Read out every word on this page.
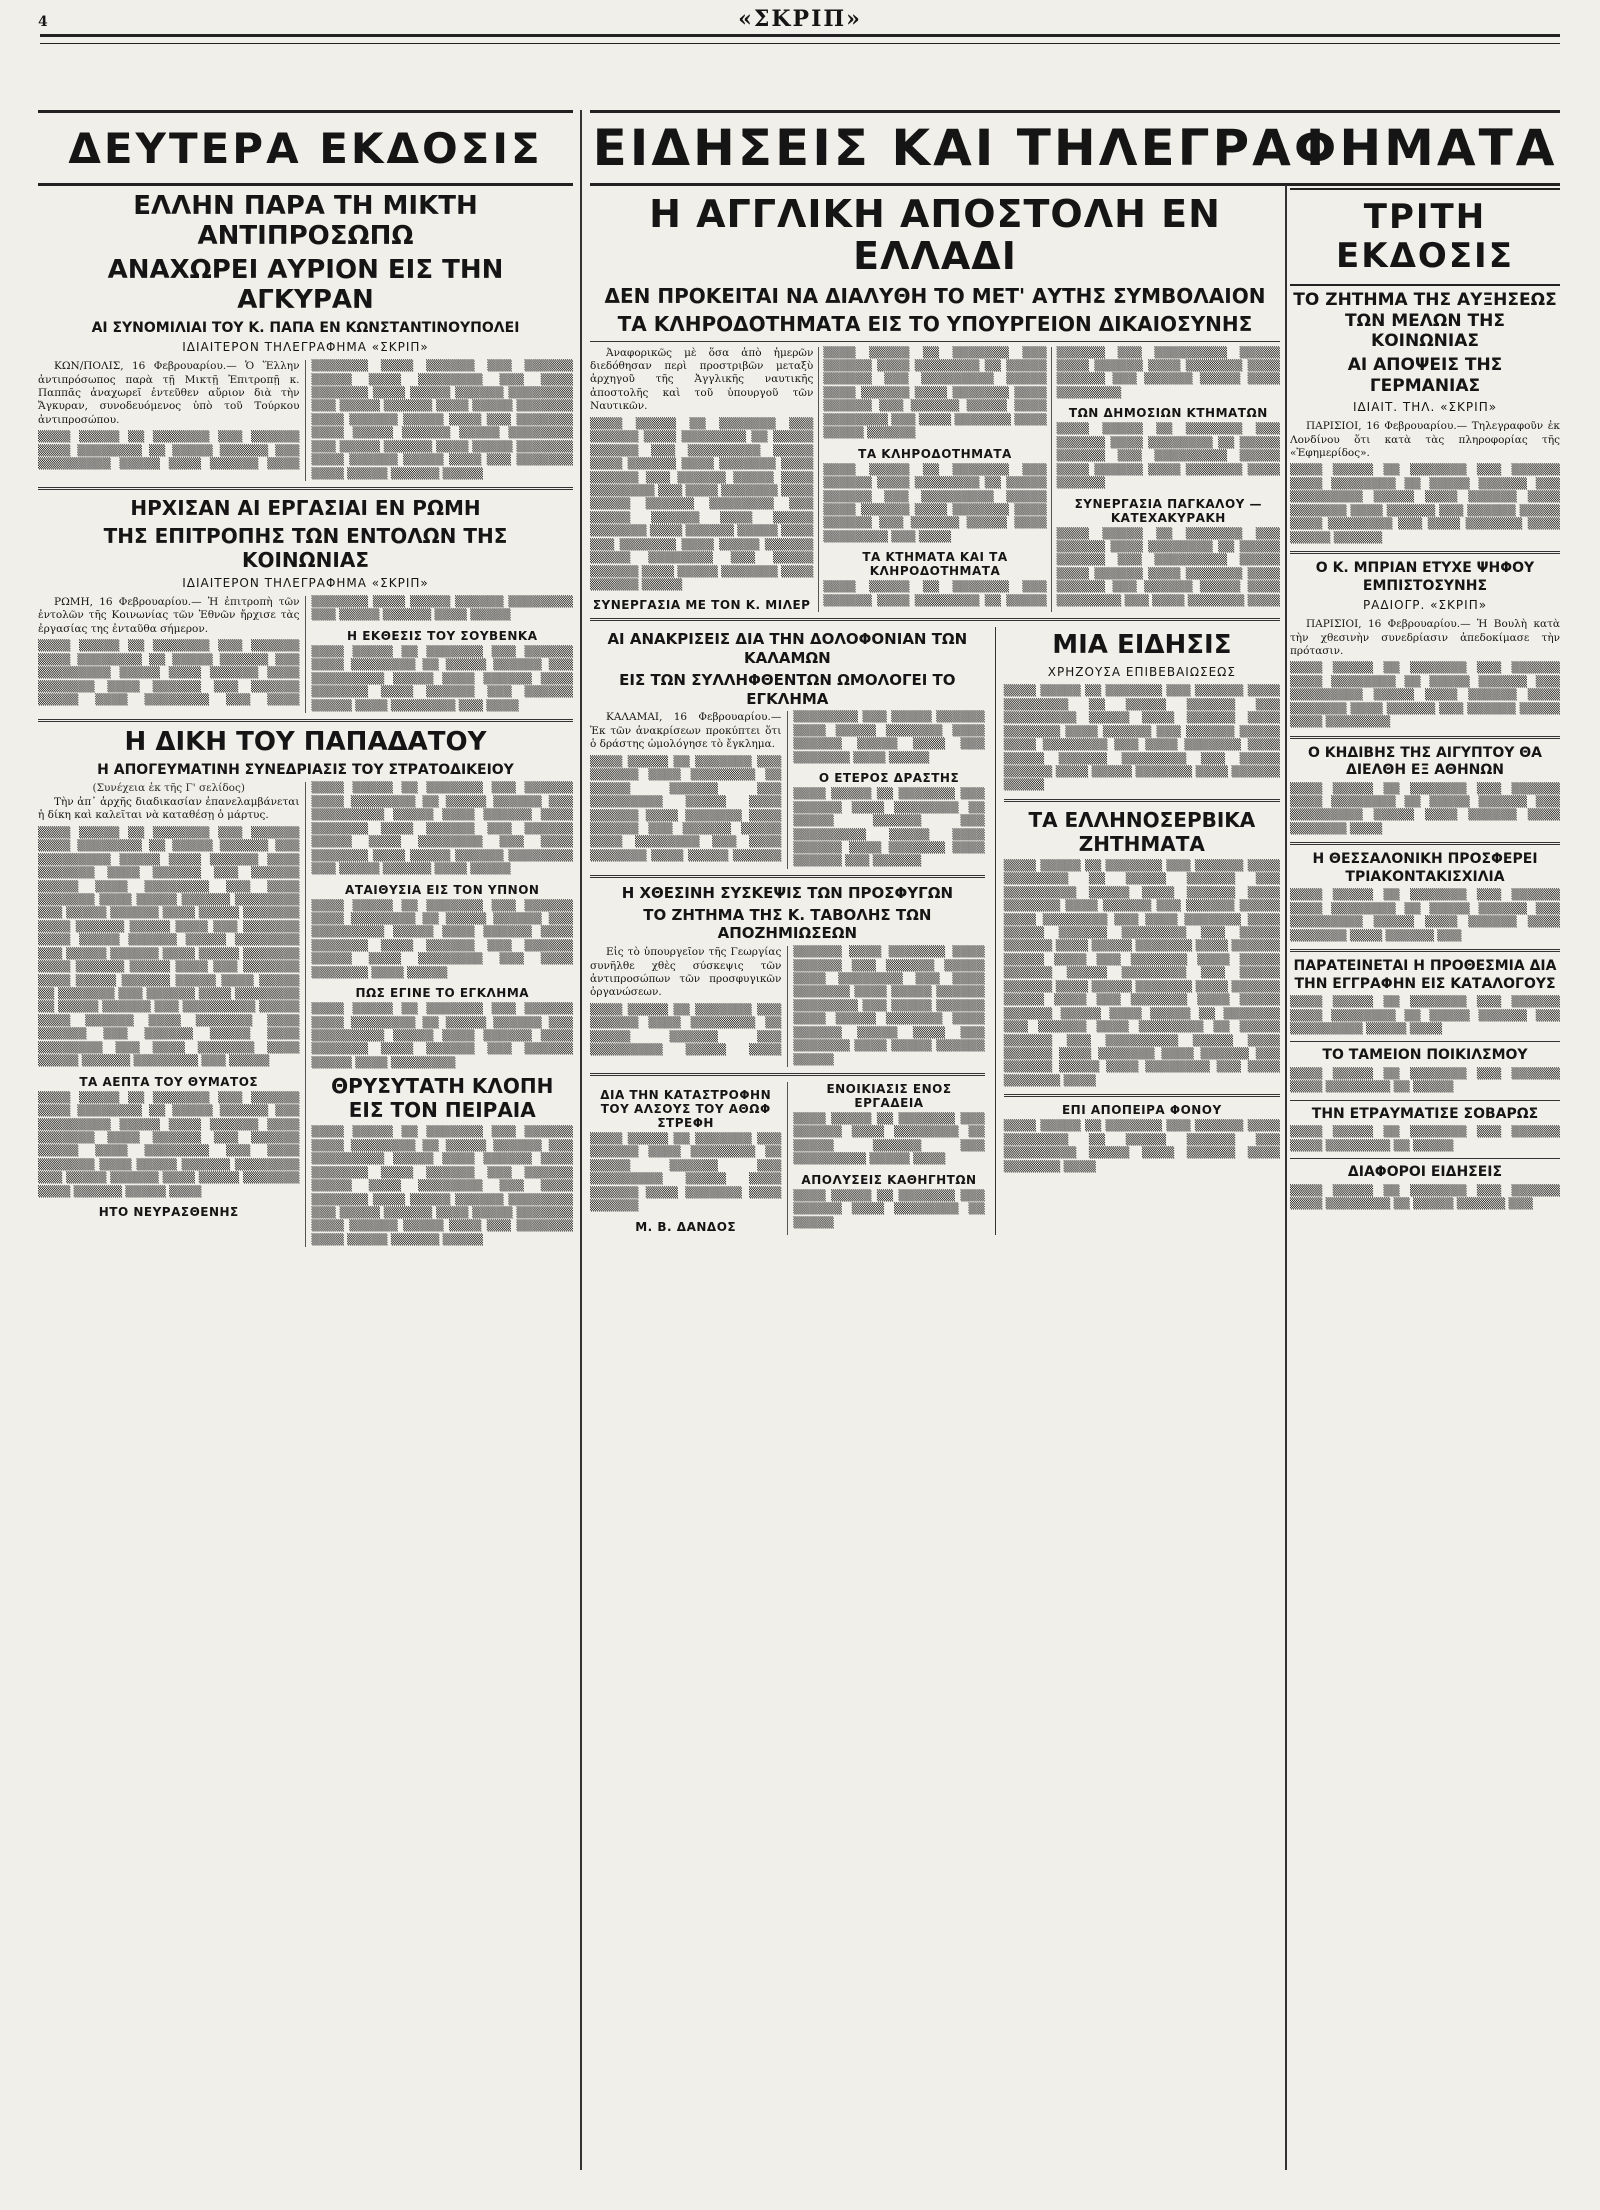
4	«ΣΚΡΙΠ»
ΔΕΥΤΕΡΑ ΕΚΔΟΣΙΣ ΕΙΔΗΣΕΙΣ ΚΑΙ ΤΗΛΕΓΡΑΦΗΜΑΤΑ
ΕΛΛΗΝ ΠΑΡΑ ΤΗ ΜΙΚΤΗ ΑΝΤΙΠΡΟΣΩΠΩ
ΑΝΑΧΩΡΕΙ ΑΥΡΙΟΝ ΕΙΣ ΤΗΝ ΑΓΚΥΡΑΝ
ΑΙ ΣΥΝΟΜΙΛΙΑΙ ΤΟΥ Κ. ΠΑΠΑ ΕΝ ΚΩΝΣΤΑΝΤΙΝΟΥΠΟΛΕΙ
ΙΔΙΑΙΤΕΡΟΝ ΤΗΛΕΓΡΑΦΗΜΑ «ΣΚΡΙΠ»

ΚΩΝ/ΠΟΛΙΣ, 16 Φεβρουαρίου.— Ὁ Ἕλλην ἀντιπρόσωπος παρὰ τῇ Μικτῇ Ἐπιτροπῇ κ. Παππᾶς ἀναχωρεῖ ἐντεῦθεν αὔριον διὰ τὴν Ἄγκυραν, συνοδευόμενος ὑπὸ τοῦ Τούρκου ἀντιπροσώπου.

▒▒▒▒ ▒▒▒▒▒ ▒▒ ▒▒▒▒▒▒▒ ▒▒▒ ▒▒▒▒▒▒ ▒▒▒▒ ▒▒▒▒▒▒▒▒ ▒▒ ▒▒▒▒▒ ▒▒▒▒▒▒ ▒▒▒ ▒▒▒▒▒▒▒▒▒ ▒▒▒▒▒ ▒▒▒▒ ▒▒▒▒▒▒ ▒▒▒▒ ▒▒▒▒▒▒▒ ▒▒▒▒ ▒▒▒▒▒▒ ▒▒▒ ▒▒▒▒▒▒ ▒▒▒▒▒ ▒▒▒▒ ▒▒▒▒▒▒▒▒ ▒▒▒ ▒▒▒▒ ▒▒▒▒▒▒▒ ▒▒▒▒ ▒▒▒▒▒ ▒▒▒▒▒▒ ▒▒▒▒▒▒▒▒ ▒▒▒ ▒▒▒▒▒ ▒▒▒▒▒▒ ▒▒▒▒ ▒▒▒▒▒ ▒▒▒▒▒▒▒ ▒▒▒▒ ▒▒▒▒▒▒ ▒▒▒▒▒ ▒▒▒▒ ▒▒▒ ▒▒▒▒▒▒▒ ▒▒▒▒ ▒▒▒▒▒ ▒▒▒▒▒▒ ▒▒▒▒▒ ▒▒▒▒▒▒▒▒ ▒▒▒ ▒▒▒▒▒ ▒▒▒▒▒▒ ▒▒▒▒ ▒▒▒▒▒ ▒▒▒▒▒▒▒ ▒▒▒▒ ▒▒▒▒▒▒ ▒▒▒▒▒ ▒▒▒▒ ▒▒▒ ▒▒▒▒▒▒▒ ▒▒▒▒ ▒▒▒▒▒ ▒▒▒▒▒▒ ▒▒▒▒▒

ΗΡΧΙΣΑΝ ΑΙ ΕΡΓΑΣΙΑΙ ΕΝ ΡΩΜΗ
ΤΗΣ ΕΠΙΤΡΟΠΗΣ ΤΩΝ ΕΝΤΟΛΩΝ ΤΗΣ ΚΟΙΝΩΝΙΑΣ
ΙΔΙΑΙΤΕΡΟΝ ΤΗΛΕΓΡΑΦΗΜΑ «ΣΚΡΙΠ»

ΡΩΜΗ, 16 Φεβρουαρίου.— Ἡ ἐπιτροπὴ τῶν ἐντολῶν τῆς Κοινωνίας τῶν Ἐθνῶν ἤρχισε τὰς ἐργασίας της ἐνταῦθα σήμερον.

▒▒▒▒ ▒▒▒▒▒ ▒▒ ▒▒▒▒▒▒▒ ▒▒▒ ▒▒▒▒▒▒ ▒▒▒▒ ▒▒▒▒▒▒▒▒ ▒▒ ▒▒▒▒▒ ▒▒▒▒▒▒ ▒▒▒ ▒▒▒▒▒▒▒▒▒ ▒▒▒▒▒ ▒▒▒▒ ▒▒▒▒▒▒ ▒▒▒▒ ▒▒▒▒▒▒▒ ▒▒▒▒ ▒▒▒▒▒▒ ▒▒▒ ▒▒▒▒▒▒ ▒▒▒▒▒ ▒▒▒▒ ▒▒▒▒▒▒▒▒ ▒▒▒ ▒▒▒▒ ▒▒▒▒▒▒▒ ▒▒▒▒ ▒▒▒▒▒ ▒▒▒▒▒▒ ▒▒▒▒▒▒▒▒ ▒▒▒ ▒▒▒▒▒ ▒▒▒▒▒▒ ▒▒▒▒ ▒▒▒▒▒

Η ΕΚΘΕΣΙΣ ΤΟΥ ΣΟΥΒΕΝΚΑ

▒▒▒▒ ▒▒▒▒▒ ▒▒ ▒▒▒▒▒▒▒ ▒▒▒ ▒▒▒▒▒▒ ▒▒▒▒ ▒▒▒▒▒▒▒▒ ▒▒ ▒▒▒▒▒ ▒▒▒▒▒▒ ▒▒▒ ▒▒▒▒▒▒▒▒▒ ▒▒▒▒▒ ▒▒▒▒ ▒▒▒▒▒▒ ▒▒▒▒ ▒▒▒▒▒▒▒ ▒▒▒▒ ▒▒▒▒▒▒ ▒▒▒ ▒▒▒▒▒▒ ▒▒▒▒▒ ▒▒▒▒ ▒▒▒▒▒▒▒▒ ▒▒▒ ▒▒▒▒

Η ΔΙΚΗ ΤΟΥ ΠΑΠΑΔΑΤΟΥ
Η ΑΠΟΓΕΥΜΑΤΙΝΗ ΣΥΝΕΔΡΙΑΣΙΣ ΤΟΥ ΣΤΡΑΤΟΔΙΚΕΙΟΥ

(Συνέχεια ἐκ τῆς Γ' σελίδος)

Τὴν ἀπ᾽ ἀρχῆς διαδικασίαν ἐπανελαμβάνεται ἡ δίκη καὶ καλεῖται νὰ καταθέσῃ ὁ μάρτυς.

▒▒▒▒ ▒▒▒▒▒ ▒▒ ▒▒▒▒▒▒▒ ▒▒▒ ▒▒▒▒▒▒ ▒▒▒▒ ▒▒▒▒▒▒▒▒ ▒▒ ▒▒▒▒▒ ▒▒▒▒▒▒ ▒▒▒ ▒▒▒▒▒▒▒▒▒ ▒▒▒▒▒ ▒▒▒▒ ▒▒▒▒▒▒ ▒▒▒▒ ▒▒▒▒▒▒▒ ▒▒▒▒ ▒▒▒▒▒▒ ▒▒▒ ▒▒▒▒▒▒ ▒▒▒▒▒ ▒▒▒▒ ▒▒▒▒▒▒▒▒ ▒▒▒ ▒▒▒▒ ▒▒▒▒▒▒▒ ▒▒▒▒ ▒▒▒▒▒ ▒▒▒▒▒▒ ▒▒▒▒▒▒▒▒ ▒▒▒ ▒▒▒▒▒ ▒▒▒▒▒▒ ▒▒▒▒ ▒▒▒▒▒ ▒▒▒▒▒▒▒ ▒▒▒▒ ▒▒▒▒▒▒ ▒▒▒▒▒ ▒▒▒▒ ▒▒▒ ▒▒▒▒▒▒▒ ▒▒▒▒ ▒▒▒▒▒ ▒▒▒▒▒▒ ▒▒▒▒▒ ▒▒▒▒▒▒▒▒ ▒▒▒ ▒▒▒▒▒ ▒▒▒▒▒▒ ▒▒▒▒ ▒▒▒▒▒ ▒▒▒▒▒▒▒ ▒▒▒▒ ▒▒▒▒▒▒ ▒▒▒▒▒ ▒▒▒▒ ▒▒▒ ▒▒▒▒▒▒▒ ▒▒▒▒ ▒▒▒▒▒ ▒▒▒▒▒▒ ▒▒▒▒▒ ▒▒▒▒ ▒▒▒▒▒ ▒▒ ▒▒▒▒▒▒▒ ▒▒▒ ▒▒▒▒▒▒ ▒▒▒▒ ▒▒▒▒▒▒▒▒ ▒▒ ▒▒▒▒▒ ▒▒▒▒▒▒ ▒▒▒ ▒▒▒▒▒▒▒▒▒ ▒▒▒▒▒ ▒▒▒▒ ▒▒▒▒▒▒ ▒▒▒▒ ▒▒▒▒▒▒▒ ▒▒▒▒ ▒▒▒▒▒▒ ▒▒▒ ▒▒▒▒▒▒ ▒▒▒▒▒ ▒▒▒▒ ▒▒▒▒▒▒▒▒ ▒▒▒ ▒▒▒▒ ▒▒▒▒▒▒▒ ▒▒▒▒ ▒▒▒▒▒ ▒▒▒▒▒▒ ▒▒▒▒▒▒▒▒ ▒▒▒ ▒▒▒▒▒

ΤΑ ΑΕΠΤΑ ΤΟΥ ΘΥΜΑΤΟΣ

▒▒▒▒ ▒▒▒▒▒ ▒▒ ▒▒▒▒▒▒▒ ▒▒▒ ▒▒▒▒▒▒ ▒▒▒▒ ▒▒▒▒▒▒▒▒ ▒▒ ▒▒▒▒▒ ▒▒▒▒▒▒ ▒▒▒ ▒▒▒▒▒▒▒▒▒ ▒▒▒▒▒ ▒▒▒▒ ▒▒▒▒▒▒ ▒▒▒▒ ▒▒▒▒▒▒▒ ▒▒▒▒ ▒▒▒▒▒▒ ▒▒▒ ▒▒▒▒▒▒ ▒▒▒▒▒ ▒▒▒▒ ▒▒▒▒▒▒▒▒ ▒▒▒ ▒▒▒▒ ▒▒▒▒▒▒▒ ▒▒▒▒ ▒▒▒▒▒ ▒▒▒▒▒▒ ▒▒▒▒▒▒▒▒ ▒▒▒ ▒▒▒▒▒ ▒▒▒▒▒▒ ▒▒▒▒ ▒▒▒▒▒ ▒▒▒▒▒▒▒ ▒▒▒▒ ▒▒▒▒▒▒ ▒▒▒▒▒ ▒▒▒▒

ΗΤΟ ΝΕΥΡΑΣΘΕΝΗΣ

▒▒▒▒ ▒▒▒▒▒ ▒▒ ▒▒▒▒▒▒▒ ▒▒▒ ▒▒▒▒▒▒ ▒▒▒▒ ▒▒▒▒▒▒▒▒ ▒▒ ▒▒▒▒▒ ▒▒▒▒▒▒ ▒▒▒ ▒▒▒▒▒▒▒▒▒ ▒▒▒▒▒ ▒▒▒▒ ▒▒▒▒▒▒ ▒▒▒▒ ▒▒▒▒▒▒▒ ▒▒▒▒ ▒▒▒▒▒▒ ▒▒▒ ▒▒▒▒▒▒ ▒▒▒▒▒ ▒▒▒▒ ▒▒▒▒▒▒▒▒ ▒▒▒ ▒▒▒▒ ▒▒▒▒▒▒▒ ▒▒▒▒ ▒▒▒▒▒ ▒▒▒▒▒▒ ▒▒▒▒▒▒▒▒ ▒▒▒ ▒▒▒▒▒ ▒▒▒▒▒▒ ▒▒▒▒ ▒▒▒▒▒

ΑΤΑΙΘΥΣΙΑ ΕΙΣ ΤΟΝ ΥΠΝΟΝ

▒▒▒▒ ▒▒▒▒▒ ▒▒ ▒▒▒▒▒▒▒ ▒▒▒ ▒▒▒▒▒▒ ▒▒▒▒ ▒▒▒▒▒▒▒▒ ▒▒ ▒▒▒▒▒ ▒▒▒▒▒▒ ▒▒▒ ▒▒▒▒▒▒▒▒▒ ▒▒▒▒▒ ▒▒▒▒ ▒▒▒▒▒▒ ▒▒▒▒ ▒▒▒▒▒▒▒ ▒▒▒▒ ▒▒▒▒▒▒ ▒▒▒ ▒▒▒▒▒▒ ▒▒▒▒▒ ▒▒▒▒ ▒▒▒▒▒▒▒▒ ▒▒▒ ▒▒▒▒ ▒▒▒▒▒▒▒ ▒▒▒▒ ▒▒▒▒▒

ΠΩΣ ΕΓΙΝΕ ΤΟ ΕΓΚΛΗΜΑ

▒▒▒▒ ▒▒▒▒▒ ▒▒ ▒▒▒▒▒▒▒ ▒▒▒ ▒▒▒▒▒▒ ▒▒▒▒ ▒▒▒▒▒▒▒▒ ▒▒ ▒▒▒▒▒ ▒▒▒▒▒▒ ▒▒▒ ▒▒▒▒▒▒▒▒▒ ▒▒▒▒▒ ▒▒▒▒ ▒▒▒▒▒▒ ▒▒▒▒ ▒▒▒▒▒▒▒ ▒▒▒▒ ▒▒▒▒▒▒ ▒▒▒ ▒▒▒▒▒▒ ▒▒▒▒▒ ▒▒▒▒ ▒▒▒▒▒▒▒▒

ΘΡΥΣΥΤΑΤΗ ΚΛΟΠΗ ΕΙΣ ΤΟΝ ΠΕΙΡΑΙΑ

▒▒▒▒ ▒▒▒▒▒ ▒▒ ▒▒▒▒▒▒▒ ▒▒▒ ▒▒▒▒▒▒ ▒▒▒▒ ▒▒▒▒▒▒▒▒ ▒▒ ▒▒▒▒▒ ▒▒▒▒▒▒ ▒▒▒ ▒▒▒▒▒▒▒▒▒ ▒▒▒▒▒ ▒▒▒▒ ▒▒▒▒▒▒ ▒▒▒▒ ▒▒▒▒▒▒▒ ▒▒▒▒ ▒▒▒▒▒▒ ▒▒▒ ▒▒▒▒▒▒ ▒▒▒▒▒ ▒▒▒▒ ▒▒▒▒▒▒▒▒ ▒▒▒ ▒▒▒▒ ▒▒▒▒▒▒▒ ▒▒▒▒ ▒▒▒▒▒ ▒▒▒▒▒▒ ▒▒▒▒▒▒▒▒ ▒▒▒ ▒▒▒▒▒ ▒▒▒▒▒▒ ▒▒▒▒ ▒▒▒▒▒ ▒▒▒▒▒▒▒ ▒▒▒▒ ▒▒▒▒▒▒ ▒▒▒▒▒ ▒▒▒▒ ▒▒▒ ▒▒▒▒▒▒▒ ▒▒▒▒ ▒▒▒▒▒ ▒▒▒▒▒▒ ▒▒▒▒▒

Η ΑΓΓΛΙΚΗ ΑΠΟΣΤΟΛΗ ΕΝ ΕΛΛΑΔΙ
ΔΕΝ ΠΡΟΚΕΙΤΑΙ ΝΑ ΔΙΑΛΥΘΗ ΤΟ ΜΕΤ' ΑΥΤΗΣ ΣΥΜΒΟΛΑΙΟΝ
ΤΑ ΚΛΗΡΟΔΟΤΗΜΑΤΑ ΕΙΣ ΤΟ ΥΠΟΥΡΓΕΙΟΝ ΔΙΚΑΙΟΣΥΝΗΣ

Ἀναφορικῶς μὲ ὅσα ἀπὸ ἡμερῶν διεδόθησαν περὶ προστριβῶν μεταξὺ ἀρχηγοῦ τῆς Ἀγγλικῆς ναυτικῆς ἀποστολῆς καὶ τοῦ ὑπουργοῦ τῶν Ναυτικῶν.

▒▒▒▒ ▒▒▒▒▒ ▒▒ ▒▒▒▒▒▒▒ ▒▒▒ ▒▒▒▒▒▒ ▒▒▒▒ ▒▒▒▒▒▒▒▒ ▒▒ ▒▒▒▒▒ ▒▒▒▒▒▒ ▒▒▒ ▒▒▒▒▒▒▒▒▒ ▒▒▒▒▒ ▒▒▒▒ ▒▒▒▒▒▒ ▒▒▒▒ ▒▒▒▒▒▒▒ ▒▒▒▒ ▒▒▒▒▒▒ ▒▒▒ ▒▒▒▒▒▒ ▒▒▒▒▒ ▒▒▒▒ ▒▒▒▒▒▒▒▒ ▒▒▒ ▒▒▒▒ ▒▒▒▒▒▒▒ ▒▒▒▒ ▒▒▒▒▒ ▒▒▒▒▒▒ ▒▒▒▒▒▒▒▒ ▒▒▒ ▒▒▒▒▒ ▒▒▒▒▒▒ ▒▒▒▒ ▒▒▒▒▒ ▒▒▒▒▒▒▒ ▒▒▒▒ ▒▒▒▒▒▒ ▒▒▒▒▒ ▒▒▒▒ ▒▒▒ ▒▒▒▒▒▒▒ ▒▒▒▒ ▒▒▒▒▒ ▒▒▒▒▒▒ ▒▒▒▒▒ ▒▒▒▒▒▒▒▒ ▒▒▒ ▒▒▒▒▒ ▒▒▒▒▒▒ ▒▒▒▒ ▒▒▒▒▒ ▒▒▒▒▒▒▒ ▒▒▒▒ ▒▒▒▒▒▒ ▒▒▒▒▒

ΣΥΝΕΡΓΑΣΙΑ ΜΕ ΤΟΝ Κ. ΜΙΛΕΡ

▒▒▒▒ ▒▒▒▒▒ ▒▒ ▒▒▒▒▒▒▒ ▒▒▒ ▒▒▒▒▒▒ ▒▒▒▒ ▒▒▒▒▒▒▒▒ ▒▒ ▒▒▒▒▒ ▒▒▒▒▒▒ ▒▒▒ ▒▒▒▒▒▒▒▒▒ ▒▒▒▒▒ ▒▒▒▒ ▒▒▒▒▒▒ ▒▒▒▒ ▒▒▒▒▒▒▒ ▒▒▒▒ ▒▒▒▒▒▒ ▒▒▒ ▒▒▒▒▒▒ ▒▒▒▒▒ ▒▒▒▒ ▒▒▒▒▒▒▒▒ ▒▒▒ ▒▒▒▒ ▒▒▒▒▒▒▒ ▒▒▒▒ ▒▒▒▒▒ ▒▒▒▒▒▒

ΤΑ ΚΛΗΡΟΔΟΤΗΜΑΤΑ

▒▒▒▒ ▒▒▒▒▒ ▒▒ ▒▒▒▒▒▒▒ ▒▒▒ ▒▒▒▒▒▒ ▒▒▒▒ ▒▒▒▒▒▒▒▒ ▒▒ ▒▒▒▒▒ ▒▒▒▒▒▒ ▒▒▒ ▒▒▒▒▒▒▒▒▒ ▒▒▒▒▒ ▒▒▒▒ ▒▒▒▒▒▒ ▒▒▒▒ ▒▒▒▒▒▒▒ ▒▒▒▒ ▒▒▒▒▒▒ ▒▒▒ ▒▒▒▒▒▒ ▒▒▒▒▒ ▒▒▒▒ ▒▒▒▒▒▒▒▒ ▒▒▒ ▒▒▒▒

ΤΑ ΚΤΗΜΑΤΑ ΚΑΙ ΤΑ ΚΛΗΡΟΔΟΤΗΜΑΤΑ

▒▒▒▒ ▒▒▒▒▒ ▒▒ ▒▒▒▒▒▒▒ ▒▒▒ ▒▒▒▒▒▒ ▒▒▒▒ ▒▒▒▒▒▒▒▒ ▒▒ ▒▒▒▒▒ ▒▒▒▒▒▒ ▒▒▒ ▒▒▒▒▒▒▒▒▒ ▒▒▒▒▒ ▒▒▒▒ ▒▒▒▒▒▒ ▒▒▒▒ ▒▒▒▒▒▒▒ ▒▒▒▒ ▒▒▒▒▒▒ ▒▒▒ ▒▒▒▒▒▒ ▒▒▒▒▒ ▒▒▒▒ ▒▒▒▒▒▒▒▒

ΤΩΝ ΔΗΜΟΣΙΩΝ ΚΤΗΜΑΤΩΝ

▒▒▒▒ ▒▒▒▒▒ ▒▒ ▒▒▒▒▒▒▒ ▒▒▒ ▒▒▒▒▒▒ ▒▒▒▒ ▒▒▒▒▒▒▒▒ ▒▒ ▒▒▒▒▒ ▒▒▒▒▒▒ ▒▒▒ ▒▒▒▒▒▒▒▒▒ ▒▒▒▒▒ ▒▒▒▒ ▒▒▒▒▒▒ ▒▒▒▒ ▒▒▒▒▒▒▒ ▒▒▒▒ ▒▒▒▒▒▒

ΣΥΝΕΡΓΑΣΙΑ ΠΑΓΚΑΛΟΥ — ΚΑΤΕΧΑΚΥΡΑΚΗ

▒▒▒▒ ▒▒▒▒▒ ▒▒ ▒▒▒▒▒▒▒ ▒▒▒ ▒▒▒▒▒▒ ▒▒▒▒ ▒▒▒▒▒▒▒▒ ▒▒ ▒▒▒▒▒ ▒▒▒▒▒▒ ▒▒▒ ▒▒▒▒▒▒▒▒▒ ▒▒▒▒▒ ▒▒▒▒ ▒▒▒▒▒▒ ▒▒▒▒ ▒▒▒▒▒▒▒ ▒▒▒▒ ▒▒▒▒▒▒ ▒▒▒ ▒▒▒▒▒▒ ▒▒▒▒▒ ▒▒▒▒ ▒▒▒▒▒▒▒▒ ▒▒▒ ▒▒▒▒ ▒▒▒▒▒▒▒ ▒▒▒▒

ΑΙ ΑΝΑΚΡΙΣΕΙΣ ΔΙΑ ΤΗΝ ΔΟΛΟΦΟΝΙΑΝ ΤΩΝ ΚΑΛΑΜΩΝ
ΕΙΣ ΤΩΝ ΣΥΛΛΗΦΘΕΝΤΩΝ ΩΜΟΛΟΓΕΙ ΤΟ ΕΓΚΛΗΜΑ

ΚΑΛΑΜΑΙ, 16 Φεβρουαρίου.— Ἐκ τῶν ἀνακρίσεων προκύπτει ὅτι ὁ δράστης ὡμολόγησε τὸ ἔγκλημα.

▒▒▒▒ ▒▒▒▒▒ ▒▒ ▒▒▒▒▒▒▒ ▒▒▒ ▒▒▒▒▒▒ ▒▒▒▒ ▒▒▒▒▒▒▒▒ ▒▒ ▒▒▒▒▒ ▒▒▒▒▒▒ ▒▒▒ ▒▒▒▒▒▒▒▒▒ ▒▒▒▒▒ ▒▒▒▒ ▒▒▒▒▒▒ ▒▒▒▒ ▒▒▒▒▒▒▒ ▒▒▒▒ ▒▒▒▒▒▒ ▒▒▒ ▒▒▒▒▒▒ ▒▒▒▒▒ ▒▒▒▒ ▒▒▒▒▒▒▒▒ ▒▒▒ ▒▒▒▒ ▒▒▒▒▒▒▒ ▒▒▒▒ ▒▒▒▒▒ ▒▒▒▒▒▒ ▒▒▒▒▒▒▒▒ ▒▒▒ ▒▒▒▒▒ ▒▒▒▒▒▒ ▒▒▒▒ ▒▒▒▒▒ ▒▒▒▒▒▒▒ ▒▒▒▒ ▒▒▒▒▒▒ ▒▒▒▒▒ ▒▒▒▒ ▒▒▒ ▒▒▒▒▒▒▒ ▒▒▒▒ ▒▒▒▒▒

Ο ΕΤΕΡΟΣ ΔΡΑΣΤΗΣ

▒▒▒▒ ▒▒▒▒▒ ▒▒ ▒▒▒▒▒▒▒ ▒▒▒ ▒▒▒▒▒▒ ▒▒▒▒ ▒▒▒▒▒▒▒▒ ▒▒ ▒▒▒▒▒ ▒▒▒▒▒▒ ▒▒▒ ▒▒▒▒▒▒▒▒▒ ▒▒▒▒▒ ▒▒▒▒ ▒▒▒▒▒▒ ▒▒▒▒ ▒▒▒▒▒▒▒ ▒▒▒▒ ▒▒▒▒▒▒ ▒▒▒ ▒▒▒▒▒▒

Η ΧΘΕΣΙΝΗ ΣΥΣΚΕΨΙΣ ΤΩΝ ΠΡΟΣΦΥΓΩΝ
ΤΟ ΖΗΤΗΜΑ ΤΗΣ Κ. ΤΑΒΟΛΗΣ ΤΩΝ ΑΠΟΖΗΜΙΩΣΕΩΝ

Εἰς τὸ ὑπουργεῖον τῆς Γεωργίας συνῆλθε χθὲς σύσκεψις τῶν ἀντιπροσώπων τῶν προσφυγικῶν ὀργανώσεων.

▒▒▒▒ ▒▒▒▒▒ ▒▒ ▒▒▒▒▒▒▒ ▒▒▒ ▒▒▒▒▒▒ ▒▒▒▒ ▒▒▒▒▒▒▒▒ ▒▒ ▒▒▒▒▒ ▒▒▒▒▒▒ ▒▒▒ ▒▒▒▒▒▒▒▒▒ ▒▒▒▒▒ ▒▒▒▒ ▒▒▒▒▒▒ ▒▒▒▒ ▒▒▒▒▒▒▒ ▒▒▒▒ ▒▒▒▒▒▒ ▒▒▒ ▒▒▒▒▒▒ ▒▒▒▒▒ ▒▒▒▒ ▒▒▒▒▒▒▒▒ ▒▒▒ ▒▒▒▒ ▒▒▒▒▒▒▒ ▒▒▒▒ ▒▒▒▒▒ ▒▒▒▒▒▒ ▒▒▒▒▒▒▒▒ ▒▒▒ ▒▒▒▒▒ ▒▒▒▒▒▒ ▒▒▒▒ ▒▒▒▒▒ ▒▒▒▒▒▒▒ ▒▒▒▒ ▒▒▒▒▒▒ ▒▒▒▒▒ ▒▒▒▒ ▒▒▒ ▒▒▒▒▒▒▒ ▒▒▒▒ ▒▒▒▒▒ ▒▒▒▒▒▒ ▒▒▒▒▒

ΔΙΑ ΤΗΝ ΚΑΤΑΣΤΡΟΦΗΝ ΤΟΥ ΑΛΣΟΥΣ ΤΟΥ ΑΘΩΦ ΣΤΡΕΦΗ

▒▒▒▒ ▒▒▒▒▒ ▒▒ ▒▒▒▒▒▒▒ ▒▒▒ ▒▒▒▒▒▒ ▒▒▒▒ ▒▒▒▒▒▒▒▒ ▒▒ ▒▒▒▒▒ ▒▒▒▒▒▒ ▒▒▒ ▒▒▒▒▒▒▒▒▒ ▒▒▒▒▒ ▒▒▒▒ ▒▒▒▒▒▒ ▒▒▒▒ ▒▒▒▒▒▒▒ ▒▒▒▒ ▒▒▒▒▒▒

Μ. Β. ΔΑΝΔΟΣ
ΕΝΟΙΚΙΑΣΙΣ ΕΝΟΣ ΕΡΓΑΔΕΙΑ

▒▒▒▒ ▒▒▒▒▒ ▒▒ ▒▒▒▒▒▒▒ ▒▒▒ ▒▒▒▒▒▒ ▒▒▒▒ ▒▒▒▒▒▒▒▒ ▒▒ ▒▒▒▒▒ ▒▒▒▒▒▒ ▒▒▒ ▒▒▒▒▒▒▒▒▒ ▒▒▒▒▒ ▒▒▒▒

ΑΠΟΛΥΣΕΙΣ ΚΑΘΗΓΗΤΩΝ

▒▒▒▒ ▒▒▒▒▒ ▒▒ ▒▒▒▒▒▒▒ ▒▒▒ ▒▒▒▒▒▒ ▒▒▒▒ ▒▒▒▒▒▒▒▒ ▒▒ ▒▒▒▒▒

ΜΙΑ ΕΙΔΗΣΙΣ
ΧΡΗΖΟΥΣΑ ΕΠΙΒΕΒΑΙΩΣΕΩΣ

▒▒▒▒ ▒▒▒▒▒ ▒▒ ▒▒▒▒▒▒▒ ▒▒▒ ▒▒▒▒▒▒ ▒▒▒▒ ▒▒▒▒▒▒▒▒ ▒▒ ▒▒▒▒▒ ▒▒▒▒▒▒ ▒▒▒ ▒▒▒▒▒▒▒▒▒ ▒▒▒▒▒ ▒▒▒▒ ▒▒▒▒▒▒ ▒▒▒▒ ▒▒▒▒▒▒▒ ▒▒▒▒ ▒▒▒▒▒▒ ▒▒▒ ▒▒▒▒▒▒ ▒▒▒▒▒ ▒▒▒▒ ▒▒▒▒▒▒▒▒ ▒▒▒ ▒▒▒▒ ▒▒▒▒▒▒▒ ▒▒▒▒ ▒▒▒▒▒ ▒▒▒▒▒▒ ▒▒▒▒▒▒▒▒ ▒▒▒ ▒▒▒▒▒ ▒▒▒▒▒▒ ▒▒▒▒ ▒▒▒▒▒ ▒▒▒▒▒▒▒ ▒▒▒▒ ▒▒▒▒▒▒ ▒▒▒▒▒

ΤΑ ΕΛΛΗΝΟΣΕΡΒΙΚΑ ΖΗΤΗΜΑΤΑ

▒▒▒▒ ▒▒▒▒▒ ▒▒ ▒▒▒▒▒▒▒ ▒▒▒ ▒▒▒▒▒▒ ▒▒▒▒ ▒▒▒▒▒▒▒▒ ▒▒ ▒▒▒▒▒ ▒▒▒▒▒▒ ▒▒▒ ▒▒▒▒▒▒▒▒▒ ▒▒▒▒▒ ▒▒▒▒ ▒▒▒▒▒▒ ▒▒▒▒ ▒▒▒▒▒▒▒ ▒▒▒▒ ▒▒▒▒▒▒ ▒▒▒ ▒▒▒▒▒▒ ▒▒▒▒▒ ▒▒▒▒ ▒▒▒▒▒▒▒▒ ▒▒▒ ▒▒▒▒ ▒▒▒▒▒▒▒ ▒▒▒▒ ▒▒▒▒▒ ▒▒▒▒▒▒ ▒▒▒▒▒▒▒▒ ▒▒▒ ▒▒▒▒▒ ▒▒▒▒▒▒ ▒▒▒▒ ▒▒▒▒▒ ▒▒▒▒▒▒▒ ▒▒▒▒ ▒▒▒▒▒▒ ▒▒▒▒▒ ▒▒▒▒ ▒▒▒ ▒▒▒▒▒▒▒ ▒▒▒▒ ▒▒▒▒▒ ▒▒▒▒▒▒ ▒▒▒▒▒ ▒▒▒▒▒▒▒▒ ▒▒▒ ▒▒▒▒▒ ▒▒▒▒▒▒ ▒▒▒▒ ▒▒▒▒▒ ▒▒▒▒▒▒▒ ▒▒▒▒ ▒▒▒▒▒▒ ▒▒▒▒▒ ▒▒▒▒ ▒▒▒ ▒▒▒▒▒▒▒ ▒▒▒▒ ▒▒▒▒▒ ▒▒▒▒▒▒ ▒▒▒▒▒ ▒▒▒▒ ▒▒▒▒▒ ▒▒ ▒▒▒▒▒▒▒ ▒▒▒ ▒▒▒▒▒▒ ▒▒▒▒ ▒▒▒▒▒▒▒▒ ▒▒ ▒▒▒▒▒ ▒▒▒▒▒▒ ▒▒▒ ▒▒▒▒▒▒▒▒▒ ▒▒▒▒▒ ▒▒▒▒ ▒▒▒▒▒▒ ▒▒▒▒ ▒▒▒▒▒▒▒ ▒▒▒▒ ▒▒▒▒▒▒ ▒▒▒ ▒▒▒▒▒▒ ▒▒▒▒▒ ▒▒▒▒ ▒▒▒▒▒▒▒▒ ▒▒▒ ▒▒▒▒ ▒▒▒▒▒▒▒ ▒▒▒▒

ΕΠΙ ΑΠΟΠΕΙΡΑ ΦΟΝΟΥ

▒▒▒▒ ▒▒▒▒▒ ▒▒ ▒▒▒▒▒▒▒ ▒▒▒ ▒▒▒▒▒▒ ▒▒▒▒ ▒▒▒▒▒▒▒▒ ▒▒ ▒▒▒▒▒ ▒▒▒▒▒▒ ▒▒▒ ▒▒▒▒▒▒▒▒▒ ▒▒▒▒▒ ▒▒▒▒ ▒▒▒▒▒▒ ▒▒▒▒ ▒▒▒▒▒▒▒ ▒▒▒▒

ΤΡΙΤΗ ΕΚΔΟΣΙΣ
ΤΟ ΖΗΤΗΜΑ ΤΗΣ ΑΥΞΗΣΕΩΣ ΤΩΝ ΜΕΛΩΝ ΤΗΣ ΚΟΙΝΩΝΙΑΣ
ΑΙ ΑΠΟΨΕΙΣ ΤΗΣ ΓΕΡΜΑΝΙΑΣ
ΙΔΙΑΙΤ. ΤΗΛ. «ΣΚΡΙΠ»

ΠΑΡΙΣΙΟΙ, 16 Φεβρουαρίου.— Τηλεγραφοῦν ἐκ Λονδίνου ὅτι κατὰ τὰς πληροφορίας τῆς «Ἐφημερίδος».

▒▒▒▒ ▒▒▒▒▒ ▒▒ ▒▒▒▒▒▒▒ ▒▒▒ ▒▒▒▒▒▒ ▒▒▒▒ ▒▒▒▒▒▒▒▒ ▒▒ ▒▒▒▒▒ ▒▒▒▒▒▒ ▒▒▒ ▒▒▒▒▒▒▒▒▒ ▒▒▒▒▒ ▒▒▒▒ ▒▒▒▒▒▒ ▒▒▒▒ ▒▒▒▒▒▒▒ ▒▒▒▒ ▒▒▒▒▒▒ ▒▒▒ ▒▒▒▒▒▒ ▒▒▒▒▒ ▒▒▒▒ ▒▒▒▒▒▒▒▒ ▒▒▒ ▒▒▒▒ ▒▒▒▒▒▒▒ ▒▒▒▒ ▒▒▒▒▒ ▒▒▒▒▒▒

Ο Κ. ΜΠΡΙΑΝ ΕΤΥΧΕ ΨΗΦΟΥ ΕΜΠΙΣΤΟΣΥΝΗΣ
ΡΑΔΙΟΓΡ. «ΣΚΡΙΠ»

ΠΑΡΙΣΙΟΙ, 16 Φεβρουαρίου.— Ἡ Βουλὴ κατὰ τὴν χθεσινὴν συνεδρίασιν ἀπεδοκίμασε τὴν πρότασιν.

▒▒▒▒ ▒▒▒▒▒ ▒▒ ▒▒▒▒▒▒▒ ▒▒▒ ▒▒▒▒▒▒ ▒▒▒▒ ▒▒▒▒▒▒▒▒ ▒▒ ▒▒▒▒▒ ▒▒▒▒▒▒ ▒▒▒ ▒▒▒▒▒▒▒▒▒ ▒▒▒▒▒ ▒▒▒▒ ▒▒▒▒▒▒ ▒▒▒▒ ▒▒▒▒▒▒▒ ▒▒▒▒ ▒▒▒▒▒▒ ▒▒▒ ▒▒▒▒▒▒ ▒▒▒▒▒ ▒▒▒▒ ▒▒▒▒▒▒▒▒

Ο ΚΗΔΙΒΗΣ ΤΗΣ ΑΙΓΥΠΤΟΥ ΘΑ ΔΙΕΛΘΗ ΕΞ ΑΘΗΝΩΝ

▒▒▒▒ ▒▒▒▒▒ ▒▒ ▒▒▒▒▒▒▒ ▒▒▒ ▒▒▒▒▒▒ ▒▒▒▒ ▒▒▒▒▒▒▒▒ ▒▒ ▒▒▒▒▒ ▒▒▒▒▒▒ ▒▒▒ ▒▒▒▒▒▒▒▒▒ ▒▒▒▒▒ ▒▒▒▒ ▒▒▒▒▒▒ ▒▒▒▒ ▒▒▒▒▒▒▒ ▒▒▒▒

Η ΘΕΣΣΑΛΟΝΙΚΗ ΠΡΟΣΦΕΡΕΙ ΤΡΙΑΚΟΝΤΑΚΙΣΧΙΛΙΑ

▒▒▒▒ ▒▒▒▒▒ ▒▒ ▒▒▒▒▒▒▒ ▒▒▒ ▒▒▒▒▒▒ ▒▒▒▒ ▒▒▒▒▒▒▒▒ ▒▒ ▒▒▒▒▒ ▒▒▒▒▒▒ ▒▒▒ ▒▒▒▒▒▒▒▒▒ ▒▒▒▒▒ ▒▒▒▒ ▒▒▒▒▒▒ ▒▒▒▒ ▒▒▒▒▒▒▒ ▒▒▒▒ ▒▒▒▒▒▒ ▒▒▒

ΠΑΡΑΤΕΙΝΕΤΑΙ Η ΠΡΟΘΕΣΜΙΑ ΔΙΑ ΤΗΝ ΕΓΓΡΑΦΗΝ ΕΙΣ ΚΑΤΑΛΟΓΟΥΣ

▒▒▒▒ ▒▒▒▒▒ ▒▒ ▒▒▒▒▒▒▒ ▒▒▒ ▒▒▒▒▒▒ ▒▒▒▒ ▒▒▒▒▒▒▒▒ ▒▒ ▒▒▒▒▒ ▒▒▒▒▒▒ ▒▒▒ ▒▒▒▒▒▒▒▒▒ ▒▒▒▒▒ ▒▒▒▒

ΤΟ ΤΑΜΕΙΟΝ ΠΟΙΚΙΛΣΜΟΥ

▒▒▒▒ ▒▒▒▒▒ ▒▒ ▒▒▒▒▒▒▒ ▒▒▒ ▒▒▒▒▒▒ ▒▒▒▒ ▒▒▒▒▒▒▒▒ ▒▒ ▒▒▒▒▒

ΤΗΝ ΕΤΡΑΥΜΑΤΙΣΕ ΣΟΒΑΡΩΣ

▒▒▒▒ ▒▒▒▒▒ ▒▒ ▒▒▒▒▒▒▒ ▒▒▒ ▒▒▒▒▒▒ ▒▒▒▒ ▒▒▒▒▒▒▒▒ ▒▒ ▒▒▒▒▒

ΔΙΑΦΟΡΟΙ ΕΙΔΗΣΕΙΣ

▒▒▒▒ ▒▒▒▒▒ ▒▒ ▒▒▒▒▒▒▒ ▒▒▒ ▒▒▒▒▒▒ ▒▒▒▒ ▒▒▒▒▒▒▒▒ ▒▒ ▒▒▒▒▒ ▒▒▒▒▒▒ ▒▒▒
